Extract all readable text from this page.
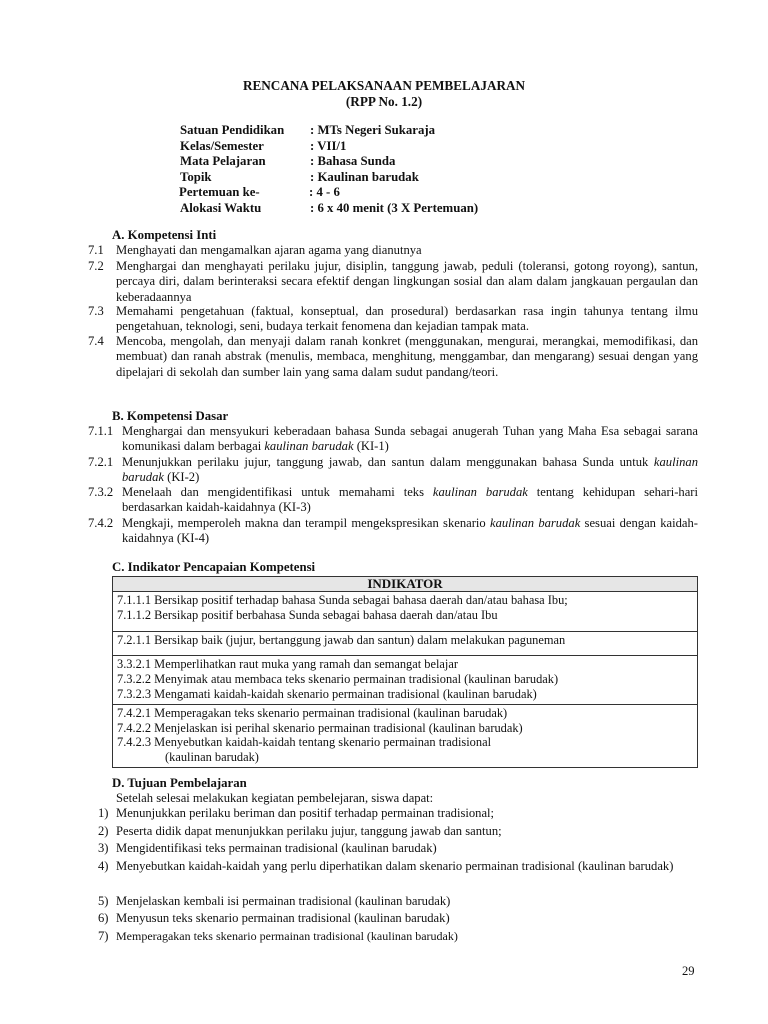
RENCANA PELAKSANAAN PEMBELAJARAN
(RPP No. 1.2)
Satuan Pendidikan	: MTs Negeri Sukaraja
Kelas/Semester	: VII/1
Mata Pelajaran	: Bahasa Sunda
Topik	: Kaulinan barudak
Pertemuan ke-	: 4 - 6
Alokasi Waktu	: 6 x 40 menit (3 X Pertemuan)
A. Kompetensi Inti
7.1 Menghayati dan mengamalkan ajaran agama yang dianutnya
7.2 Menghargai dan menghayati perilaku jujur, disiplin, tanggung jawab, peduli (toleransi, gotong royong), santun, percaya diri, dalam berinteraksi secara efektif dengan lingkungan sosial dan alam dalam jangkauan pergaulan dan keberadaannya
7.3 Memahami pengetahuan (faktual, konseptual, dan prosedural) berdasarkan rasa ingin tahunya tentang ilmu pengetahuan, teknologi, seni, budaya terkait fenomena dan kejadian tampak mata.
7.4 Mencoba, mengolah, dan menyaji dalam ranah konkret (menggunakan, mengurai, merangkai, memodifikasi, dan membuat) dan ranah abstrak (menulis, membaca, menghitung, menggambar, dan mengarang) sesuai dengan yang dipelajari di sekolah dan sumber lain yang sama dalam sudut pandang/teori.
B. Kompetensi Dasar
7.1.1 Menghargai dan mensyukuri keberadaan bahasa Sunda sebagai anugerah Tuhan yang Maha Esa sebagai sarana komunikasi dalam berbagai kaulinan barudak (KI-1)
7.2.1 Menunjukkan perilaku jujur, tanggung jawab, dan santun dalam menggunakan bahasa Sunda untuk kaulinan barudak (KI-2)
7.3.2 Menelaah dan mengidentifikasi untuk memahami teks kaulinan barudak tentang kehidupan sehari-hari berdasarkan kaidah-kaidahnya (KI-3)
7.4.2 Mengkaji, memperoleh makna dan terampil mengekspresikan skenario kaulinan barudak sesuai dengan kaidah-kaidahnya (KI-4)
C. Indikator Pencapaian Kompetensi
INDIKATOR

7.1.1.1 Bersikap positif terhadap bahasa Sunda sebagai bahasa daerah dan/atau bahasa Ibu;
7.1.1.2 Bersikap positif berbahasa Sunda sebagai bahasa daerah dan/atau Ibu

7.2.1.1 Bersikap baik (jujur, bertanggung jawab dan santun) dalam melakukan paguneman

3.3.2.1 Memperlihatkan raut muka yang ramah dan semangat belajar
7.3.2.2 Menyimak atau membaca teks skenario permainan tradisional (kaulinan barudak)
7.3.2.3 Mengamati kaidah-kaidah skenario permainan tradisional (kaulinan barudak)

7.4.2.1 Memperagakan teks skenario permainan tradisional (kaulinan barudak)
7.4.2.2 Menjelaskan isi perihal skenario permainan tradisional (kaulinan barudak)
7.4.2.3 Menyebutkan kaidah-kaidah tentang skenario permainan tradisional
(kaulinan barudak)
D. Tujuan Pembelajaran
Setelah selesai melakukan kegiatan pembelejaran, siswa dapat:
1) Menunjukkan perilaku beriman dan positif terhadap permainan tradisional;
2) Peserta didik dapat menunjukkan perilaku jujur, tanggung jawab dan santun;
3) Mengidentifikasi teks permainan tradisional (kaulinan barudak)
4) Menyebutkan kaidah-kaidah yang perlu diperhatikan dalam skenario permainan tradisional (kaulinan barudak)
5) Menjelaskan kembali isi permainan tradisional (kaulinan barudak)
6) Menyusun teks skenario permainan tradisional (kaulinan barudak)
7) Memperagakan teks skenario permainan tradisional (kaulinan barudak)
29
